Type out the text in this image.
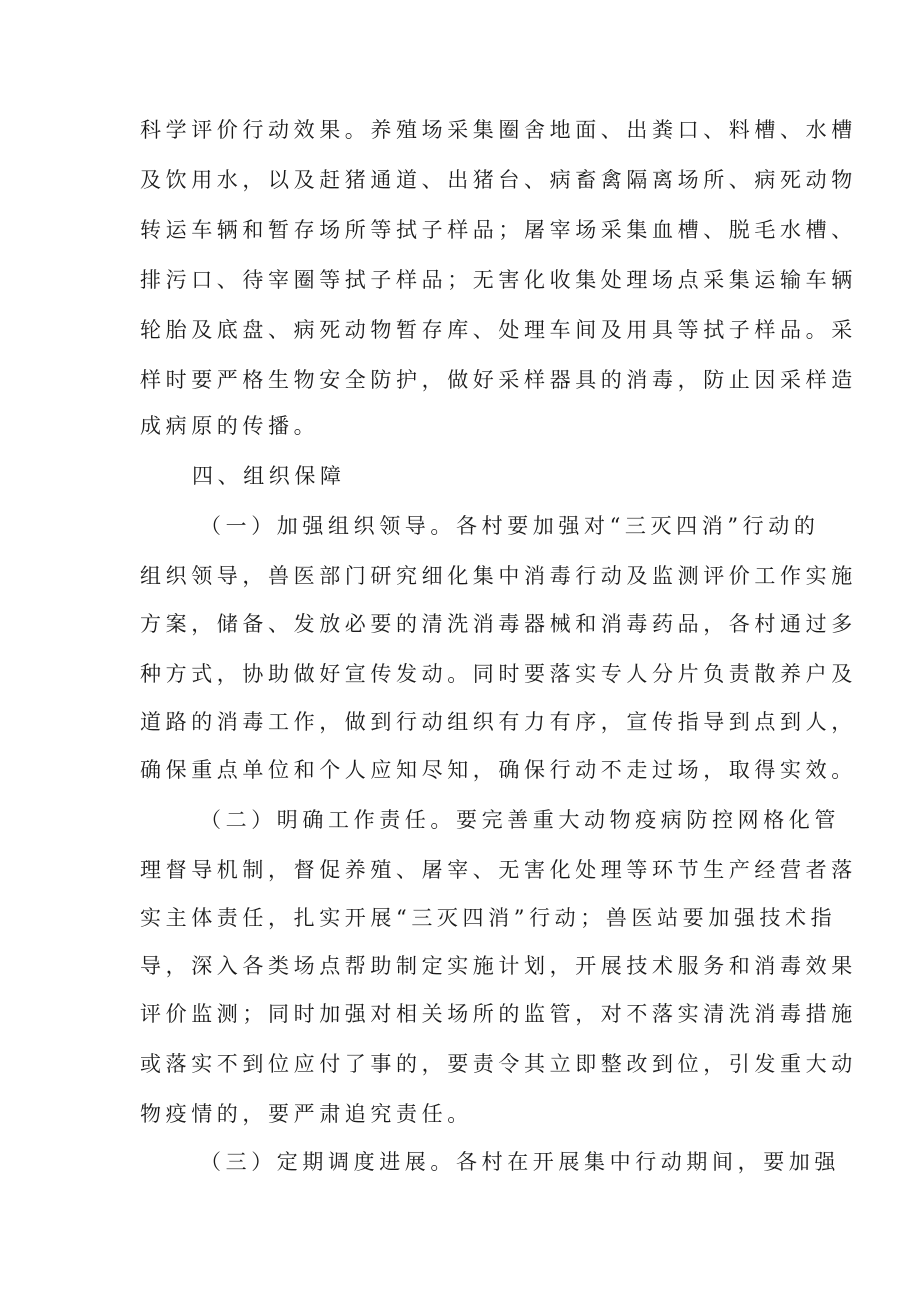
科学评价行动效果。养殖场采集圈舍地面、出粪口、料槽、水槽
及饮用水，以及赶猪通道、出猪台、病畜禽隔离场所、病死动物
转运车辆和暂存场所等拭子样品；屠宰场采集血槽、脱毛水槽、
排污口、待宰圈等拭子样品；无害化收集处理场点采集运输车辆
轮胎及底盘、病死动物暂存库、处理车间及用具等拭子样品。采
样时要严格生物安全防护，做好采样器具的消毒，防止因采样造
成病原的传播。
四、组织保障
（一）加强组织领导。各村要加强对“三灭四消”行动的
组织领导，兽医部门研究细化集中消毒行动及监测评价工作实施
方案，储备、发放必要的清洗消毒器械和消毒药品，各村通过多
种方式，协助做好宣传发动。同时要落实专人分片负责散养户及
道路的消毒工作，做到行动组织有力有序，宣传指导到点到人，
确保重点单位和个人应知尽知，确保行动不走过场，取得实效。
（二）明确工作责任。要完善重大动物疫病防控网格化管
理督导机制，督促养殖、屠宰、无害化处理等环节生产经营者落
实主体责任，扎实开展“三灭四消”行动；兽医站要加强技术指
导，深入各类场点帮助制定实施计划，开展技术服务和消毒效果
评价监测；同时加强对相关场所的监管，对不落实清洗消毒措施
或落实不到位应付了事的，要责令其立即整改到位，引发重大动
物疫情的，要严肃追究责任。
（三）定期调度进展。各村在开展集中行动期间，要加强
